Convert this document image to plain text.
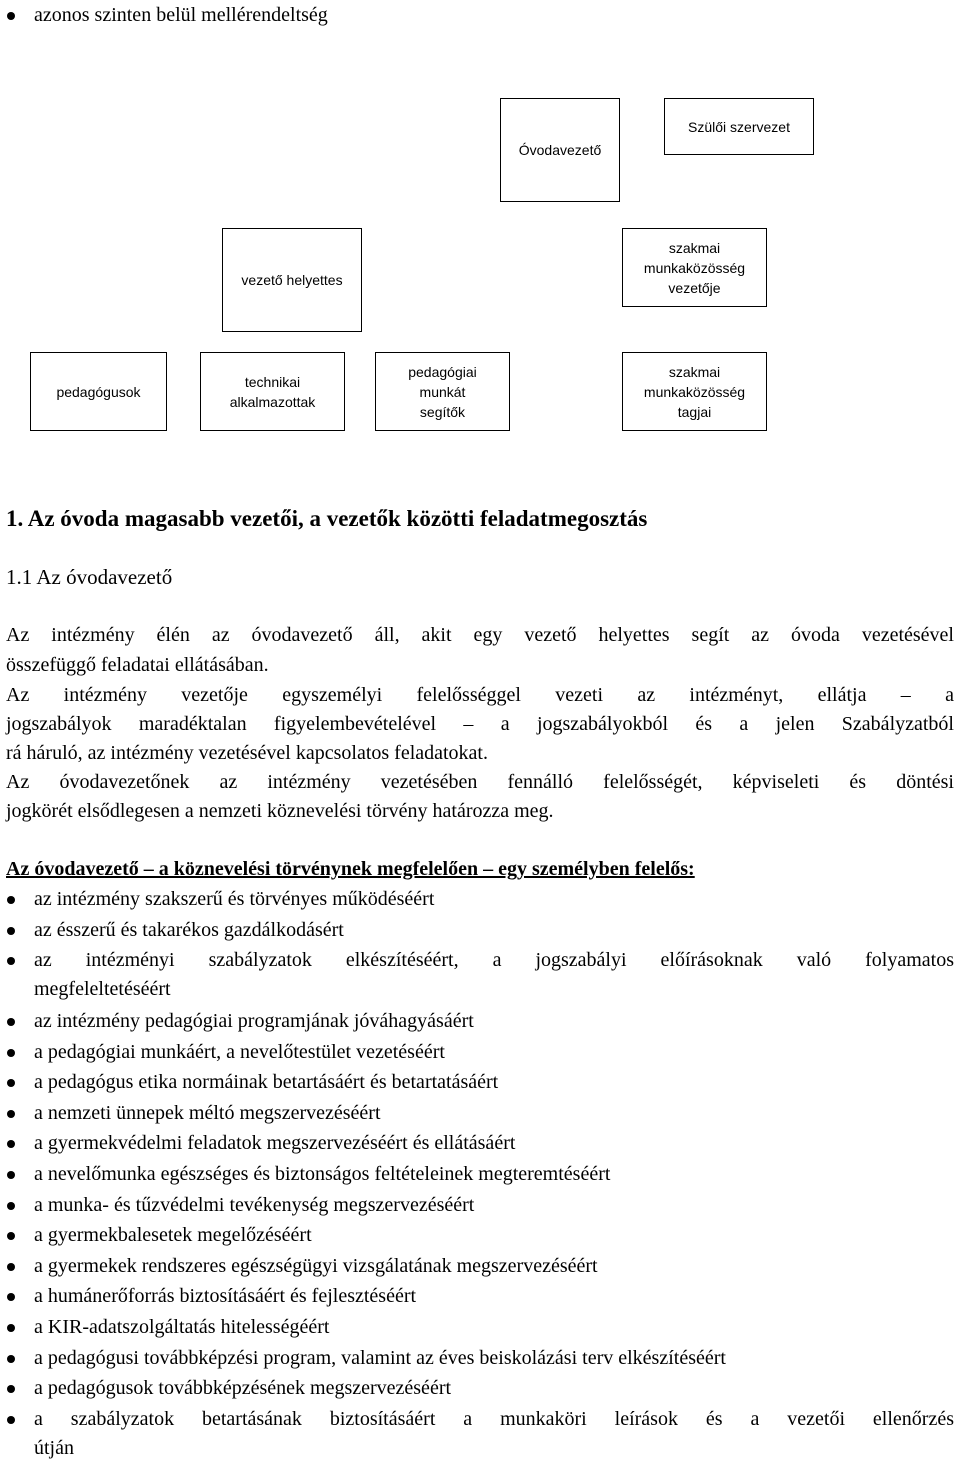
azonos szinten belül mellérendeltség
Óvodavezető
Szülői szervezet
vezető helyettes
szakmai
munkaközösség
vezetője
pedagógusok
technikai
alkalmazottak
pedagógiai
munkát
segítők
szakmai
munkaközösség
tagjai
1. Az óvoda magasabb vezetői, a vezetők közötti feladatmegosztás
1.1 Az óvodavezető
Az intézmény élén az óvodavezető áll, akit egy vezető helyettes segít az óvoda vezetésével
összefüggő feladatai ellátásában.
Az intézmény vezetője egyszemélyi felelősséggel vezeti az intézményt, ellátja – a
jogszabályok maradéktalan figyelembevételével – a jogszabályokból és a jelen Szabályzatból
rá háruló, az intézmény vezetésével kapcsolatos feladatokat.
Az óvodavezetőnek az intézmény vezetésében fennálló felelősségét, képviseleti és döntési
jogkörét elsődlegesen a nemzeti köznevelési törvény határozza meg.
Az óvodavezető – a köznevelési törvénynek megfelelően – egy személyben felelős:
az intézmény szakszerű és törvényes működéséért
az ésszerű és takarékos gazdálkodásért
az intézményi szabályzatok elkészítéséért, a jogszabályi előírásoknak való folyamatos
megfeleltetéséért
az intézmény pedagógiai programjának jóváhagyásáért
a pedagógiai munkáért, a nevelőtestület vezetéséért
a pedagógus etika normáinak betartásáért és betartatásáért
a nemzeti ünnepek méltó megszervezéséért
a gyermekvédelmi feladatok megszervezéséért és ellátásáért
a nevelőmunka egészséges és biztonságos feltételeinek megteremtéséért
a munka- és tűzvédelmi tevékenység megszervezéséért
a gyermekbalesetek megelőzéséért
a gyermekek rendszeres egészségügyi vizsgálatának megszervezéséért
a humánerőforrás biztosításáért és fejlesztéséért
a KIR-adatszolgáltatás hitelességéért
a pedagógusi továbbképzési program, valamint az éves beiskolázási terv elkészítéséért
a pedagógusok továbbképzésének megszervezéséért
a szabályzatok betartásának biztosításáért a munkaköri leírások és a vezetői ellenőrzés
útján
